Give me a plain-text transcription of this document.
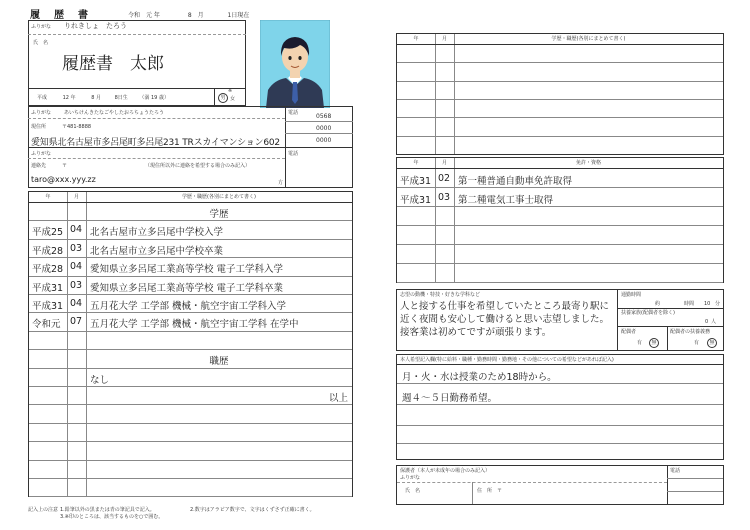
履　歴　書	令和 元 年	8 月	1日現在
ふりがな りれきしょ　たろう
氏　名
履歴書　太郎
平成	12 年	8 月	8日生 （満 19 歳）
※
男 女
ふりがな	あいちけんきたなごやしたおろちょうたろう
現住所	〒481-8888
愛知県北名古屋市多呂尾町多呂尾231 TRスカイマンション602
電話	0568
0000
0000
ふりがな
連絡先	〒	（現住所以外に連絡を希望する場合のみ記入）
電話
taro@xxx.yyy.zz	方
年	月	学歴・職歴(各別にまとめて書く)
学歴
平成25 04 北名古屋市立多呂尾中学校入学
平成28 03 北名古屋市立多呂尾中学校卒業
平成28 04 愛知県立多呂尾工業高等学校 電子工学科入学
平成31 03 愛知県立多呂尾工業高等学校 電子工学科卒業
平成31 04 五月花大学 工学部 機械・航空宇宙工学科入学
令和元 07 五月花大学 工学部 機械・航空宇宙工学科 在学中
職歴
なし
以上
記入上の注意 1.鉛筆以外の黒または青の筆記具で記入。
3.※印のところは、該当するものを○で囲む。
2.数字はアラビア数字で、文字はくずさず正確に書く。
年	月	学歴・職歴(各別にまとめて書く)
年	月	免許・資格
平成31 02 第一種普通自動車免許取得
平成31 03 第二種電気工事士取得
志望の動機・特技・好きな学科など
人と接する仕事を希望していたところ最寄り駅に近く夜間も安心して働けると思い志望しました。接客業は初めてですが頑張ります。
通勤時間
約	時間 10 分
扶養家族(配偶者を除く)
0 人
配偶者
有	無
配偶者の扶養義務
有	無
本人希望記入欄(特に給料・職種・勤務時間・勤務地・その他についての希望などがあれば記入)
月・火・水は授業のため18時から。
週４～５日勤務希望。
保護者（本人が未成年の場合のみ記入）
ふりがな
氏　名	住　所　〒
電話
